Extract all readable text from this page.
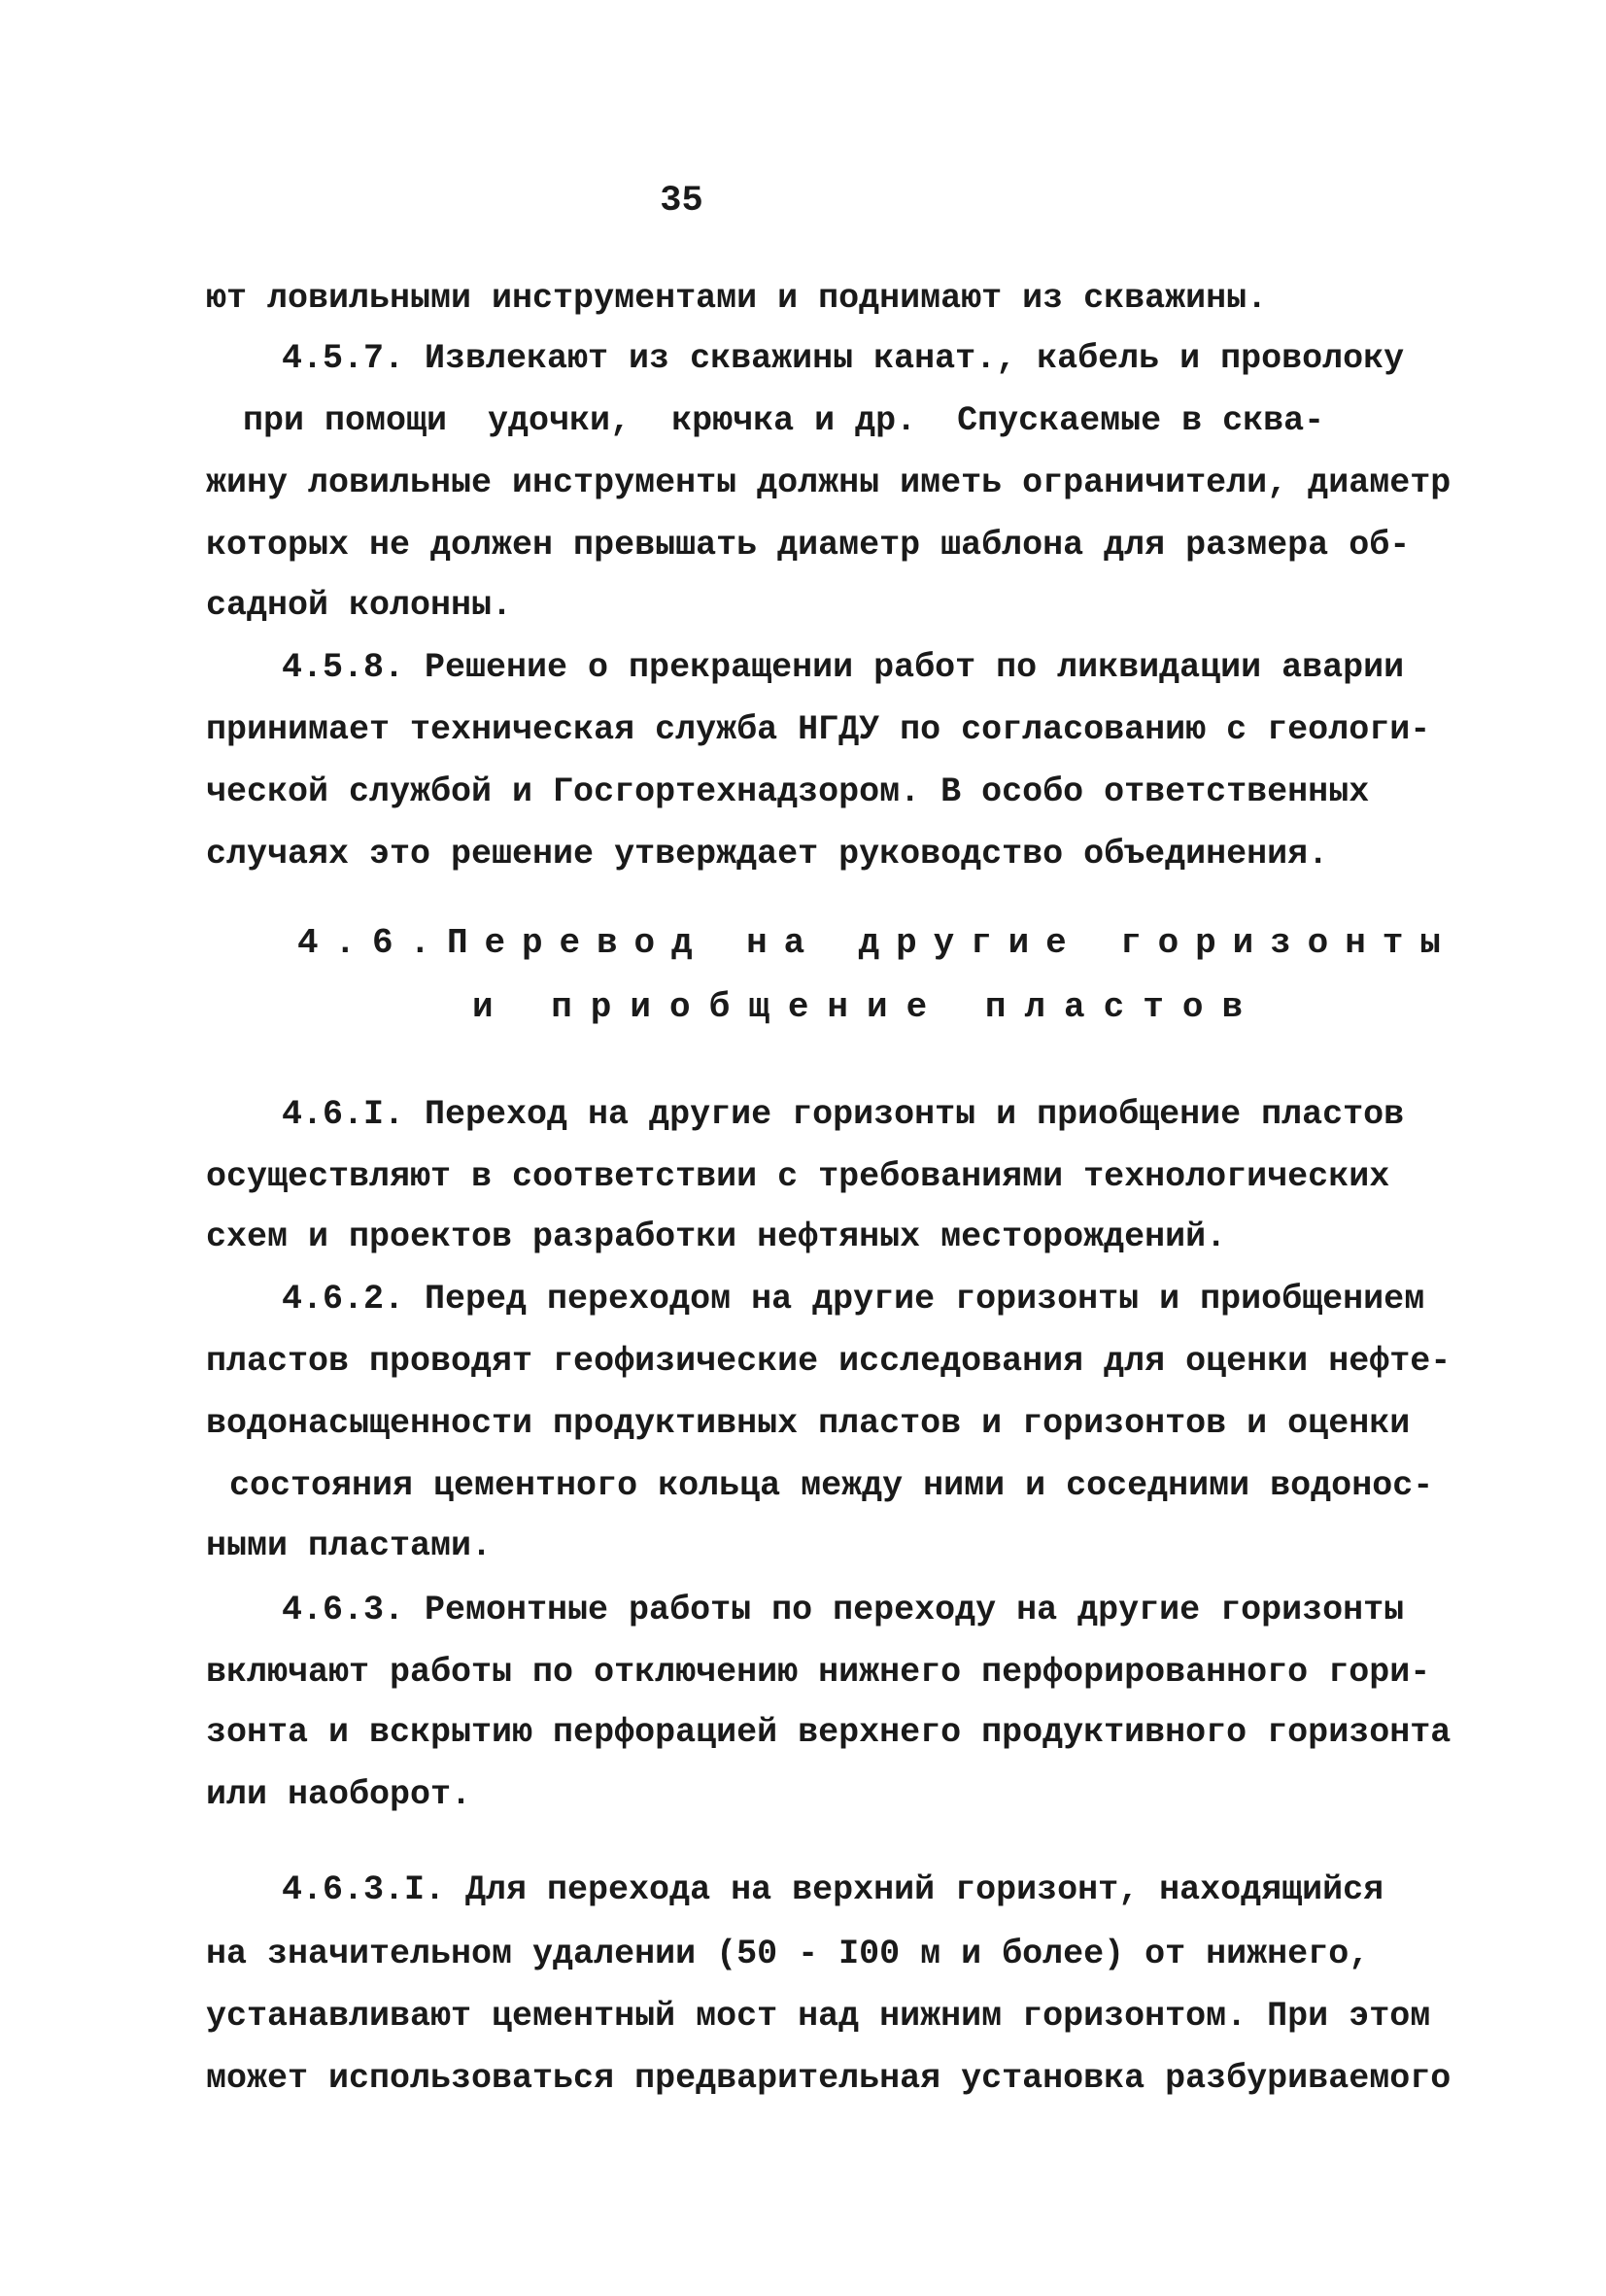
35
ют ловильными инструментами и поднимают из скважины.
4.5.7. Извлекают из скважины канат., кабель и проволоку
при помощи  удочки,  крючка и др.  Спускаемые в сква-
жину ловильные инструменты должны иметь ограничители, диаметр
которых не должен превышать диаметр шаблона для размера об-
садной колонны.
4.5.8. Решение о прекращении работ по ликвидации аварии
принимает техническая служба НГДУ по согласованию с геологи-
ческой службой и Госгортехнадзором. В особо ответственных
случаях это решение утверждает руководство объединения.
4.6.Перевод на другие горизонты
и приобщение пластов
4.6.I. Переход на другие горизонты и приобщение пластов
осуществляют в соответствии с требованиями технологических
схем и проектов разработки нефтяных месторождений.
4.6.2. Перед переходом на другие горизонты и приобщением
пластов проводят геофизические исследования для оценки нефте-
водонасыщенности продуктивных пластов и горизонтов и оценки
состояния цементного кольца между ними и соседними водонос-
ными пластами.
4.6.3. Ремонтные работы по переходу на другие горизонты
включают работы по отключению нижнего перфорированного гори-
зонта и вскрытию перфорацией верхнего продуктивного горизонта
или наоборот.
4.6.3.I. Для перехода на верхний горизонт, находящийся
на значительном удалении (50 - I00 м и более) от нижнего,
устанавливают цементный мост над нижним горизонтом. При этом
может использоваться предварительная установка разбуриваемого
